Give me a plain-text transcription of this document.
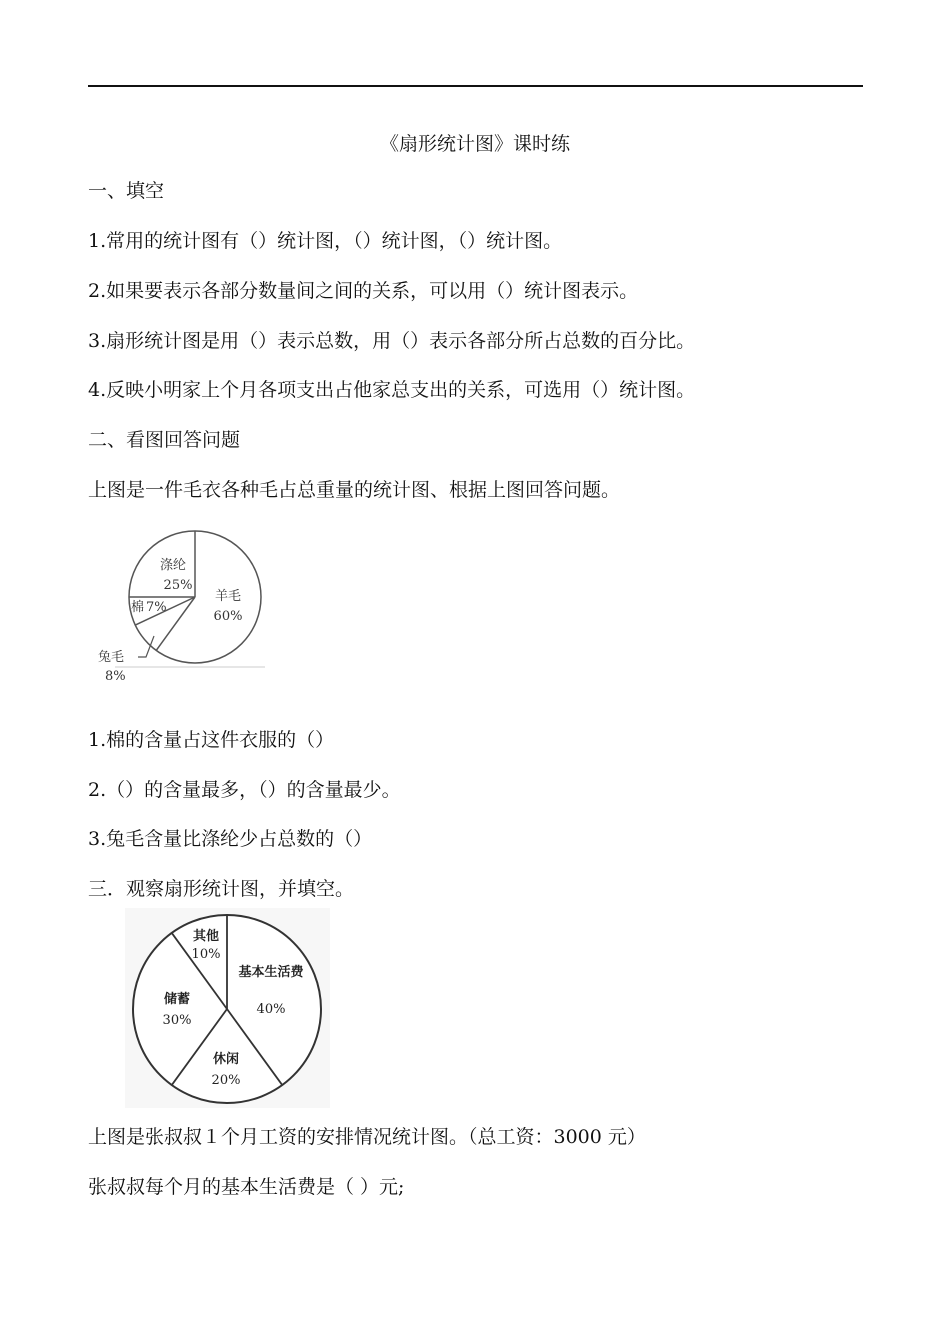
《扇形统计图》课时练
一、填空
1.常用的统计图有（）统计图，（）统计图，（）统计图。
2.如果要表示各部分数量间之间的关系，可以用（）统计图表示。
3.扇形统计图是用（）表示总数，用（）表示各部分所占总数的百分比。
4.反映小明家上个月各项支出占他家总支出的关系，可选用（）统计图。
二、看图回答问题
上图是一件毛衣各种毛占总重量的统计图、根据上图回答问题。
涤纶
25%
羊毛
60%
棉 7%
兔毛
8%
1.棉的含量占这件衣服的（）
2.（）的含量最多，（）的含量最少。
3.兔毛含量比涤纶少占总数的（）
三．观察扇形统计图，并填空。
其他
10%
基本生活费
40%
储蓄
30%
休闲
20%
上图是张叔叔１个月工资的安排情况统计图。（总工资：3000 元）
张叔叔每个月的基本生活费是（ ）元;
